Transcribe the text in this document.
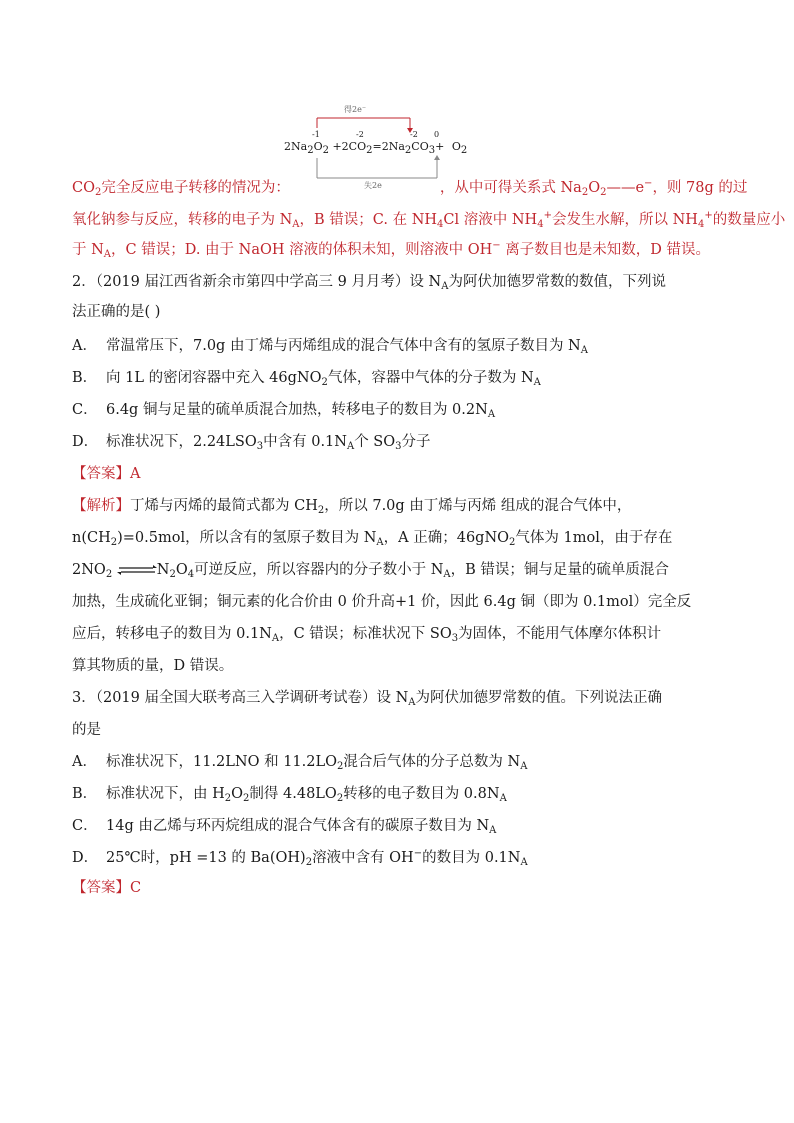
得2e⁻
失2e
-1	-2	-2 0
$2Na_2O_2 +2CO_2=2Na_2CO_3+ O_2$
$CO_2$完全反应电子转移的情况为：	，从中可得关系式 $Na_2O_2——e^-$，则 78g 的过
氧化钠参与反应，转移的电子为 $N_A$，B 错误；C. 在 $NH_4Cl$ 溶液中 $NH_4^+$会发生水解，所以 $NH_4^+$的数量应小
于 $N_A$，C 错误；D. 由于 NaOH 溶液的体积未知，则溶液中 OH− 离子数目也是未知数，D 错误。
2．（2019 届江西省新余市第四中学高三 9 月月考）设 $N_A$为阿伏加德罗常数的数值，下列说
法正确的是( )
A． 常温常压下，7.0g 由丁烯与丙烯组成的混合气体中含有的氢原子数目为 $N_A$
B． 向 1L 的密闭容器中充入 46gNO$_2$气体，容器中气体的分子数为 $N_A$
C． 6.4g 铜与足量的硫单质混合加热，转移电子的数目为 $0.2N_A$
D． 标准状况下，$2.24LSO_3$中含有 $0.1N_A$个 $SO_3$分子
【答案】A
【解析】丁烯与丙烯的最简式都为 $CH_2$，所以 7.0g 由丁烯与丙烯 组成的混合气体中，
$n(CH_2)=0.5mol$，所以含有的氢原子数目为 $N_A$，A 正确；46gNO$_2$气体为 1mol，由于存在
$2NO_2$ $\rightleftharpoons N_2O_4$可逆反应，所以容器内的分子数小于 $N_A$，B 错误；铜与足量的硫单质混合
加热，生成硫化亚铜；铜元素的化合价由 0 价升高+1 价，因此 6.4g 铜（即为 0.1mol）完全反
应后，转移电子的数目为 $0.1N_A$，C 错误；标准状况下 $SO_3$为固体，不能用气体摩尔体积计
算其物质的量，D 错误。
3．（2019 届全国大联考高三入学调研考试卷）设 $N_A$为阿伏加德罗常数的值。下列说法正确
的是
A． 标准状况下，11.2LNO 和 $11.2LO_2$混合后气体的分子总数为 $N_A$
B． 标准状况下，由 $H_2O_2$制得 $4.48LO_2$转移的电子数目为 $0.8N_A$
C． 14g 由乙烯与环丙烷组成的混合气体含有的碳原子数目为 $N_A$
D． 25℃时，pH =13 的 $Ba(OH)_2$溶液中含有 OH−的数目为 $0.1N_A$
【答案】C
